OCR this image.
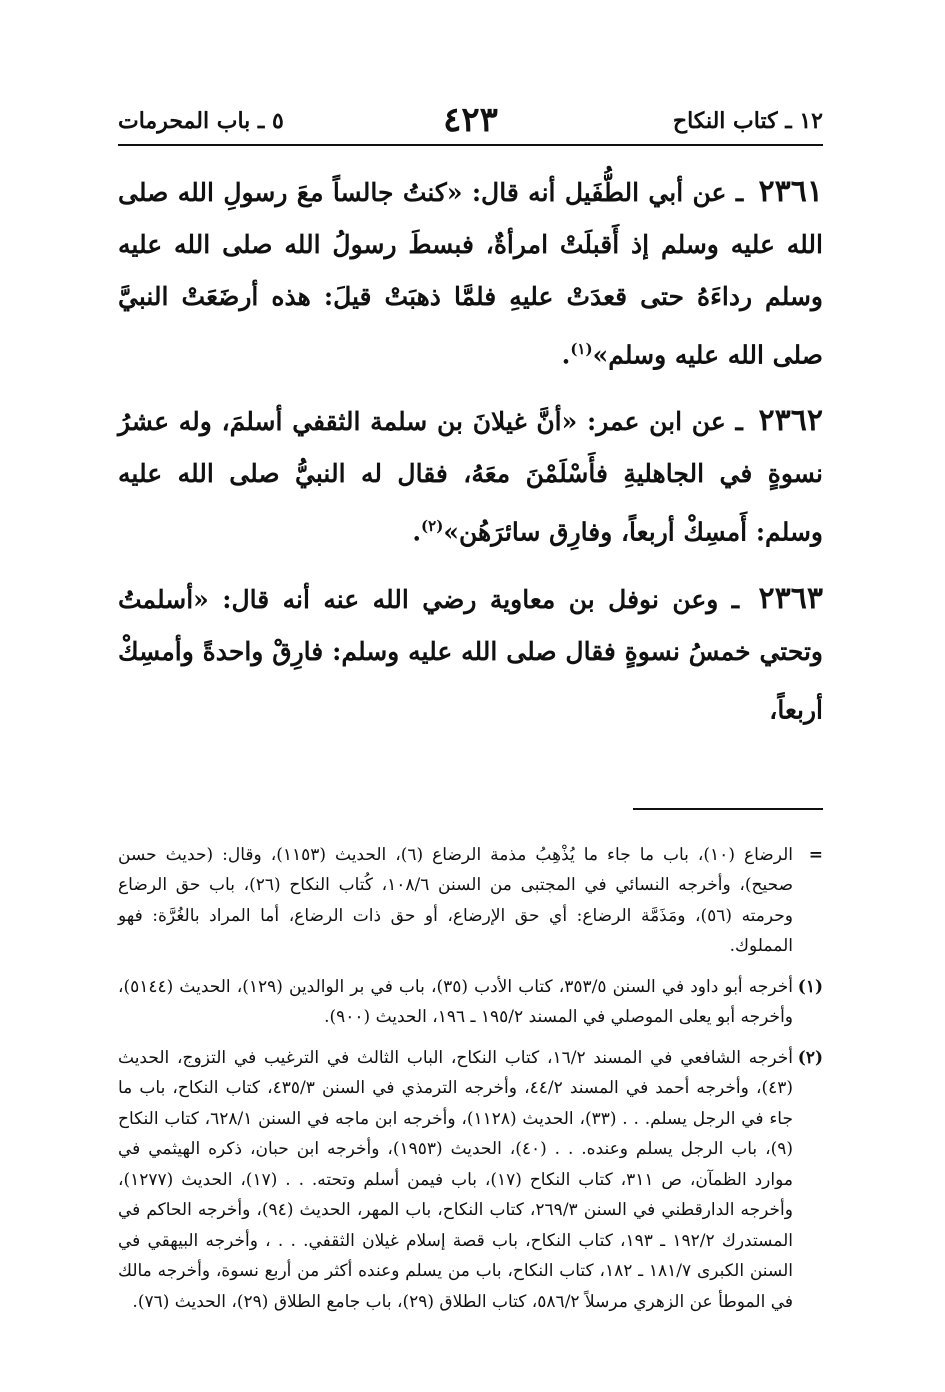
١٢ ـ كتاب النكاح
٤٢٣
٥ ـ باب المحرمات

٢٣٦١ ـ عن أبي الطُّفَيل أنه قال: «كنتُ جالساً معَ رسولِ الله صلى الله عليه وسلم إذ أَقبلَتْ امرأةٌ، فبسطَ رسولُ الله صلى الله عليه وسلم رداءَهُ حتى قعدَتْ عليهِ فلمَّا ذهبَتْ قيلَ: هذه أرضَعَتْ النبيَّ صلى الله عليه وسلم»$^{(١)}$.

٢٣٦٢ ـ عن ابن عمر: «أنَّ غيلانَ بن سلمة الثقفي أسلمَ، وله عشرُ نسوةٍ في الجاهليةِ فأَسْلَمْنَ معَهُ، فقال له النبيُّ صلى الله عليه وسلم: أَمسِكْ أربعاً، وفارِق سائرَهُن»$^{(٢)}$.

٢٣٦٣ ـ وعن نوفل بن معاوية رضي الله عنه أنه قال: «أسلمتُ وتحتي خمسُ نسوةٍ فقال صلى الله عليه وسلم: فارِقْ واحدةً وأمسِكْ أربعاً،

=
الرضاع (١٠)، باب ما جاء ما يُذْهِبُ مذمة الرضاع (٦)، الحديث (١١٥٣)، وقال: (حديث حسن صحيح)، وأخرجه النسائي في المجتبى من السنن ١٠٨/٦، كُتاب النكاح (٢٦)، باب حق الرضاع وحرمته (٥٦)، ومَذَمَّة الرضاع: أي حق الإرضاع، أو حق ذات الرضاع، أما المراد بالغُرَّة: فهو المملوك.
(١)
أخرجه أبو داود في السنن ٣٥٣/٥، كتاب الأدب (٣٥)، باب في بر الوالدين (١٢٩)، الحديث (٥١٤٤)، وأخرجه أبو يعلى الموصلي في المسند ١٩٥/٢ ـ ١٩٦، الحديث (٩٠٠).
(٢)
أخرجه الشافعي في المسند ١٦/٢، كتاب النكاح، الباب الثالث في الترغيب في التزوج، الحديث (٤٣)، وأخرجه أحمد في المسند ٤٤/٢، وأخرجه الترمذي في السنن ٤٣٥/٣، كتاب النكاح، باب ما جاء في الرجل يسلم. . . (٣٣)، الحديث (١١٢٨)، وأخرجه ابن ماجه في السنن ٦٢٨/١، كتاب النكاح (٩)، باب الرجل يسلم وعنده. . . (٤٠)، الحديث (١٩٥٣)، وأخرجه ابن حبان، ذكره الهيثمي في موارد الظمآن، ص ٣١١، كتاب النكاح (١٧)، باب فيمن أسلم وتحته. . . (١٧)، الحديث (١٢٧٧)، وأخرجه الدارقطني في السنن ٢٦٩/٣، كتاب النكاح، باب المهر، الحديث (٩٤)، وأخرجه الحاكم في المستدرك ١٩٢/٢ ـ ١٩٣، كتاب النكاح، باب قصة إسلام غيلان الثقفي. . . ، وأخرجه البيهقي في السنن الكبرى ١٨١/٧ ـ ١٨٢، كتاب النكاح، باب من يسلم وعنده أكثر من أربع نسوة، وأخرجه مالك في الموطأ عن الزهري مرسلاً ٥٨٦/٢، كتاب الطلاق (٢٩)، باب جامع الطلاق (٢٩)، الحديث (٧٦).
